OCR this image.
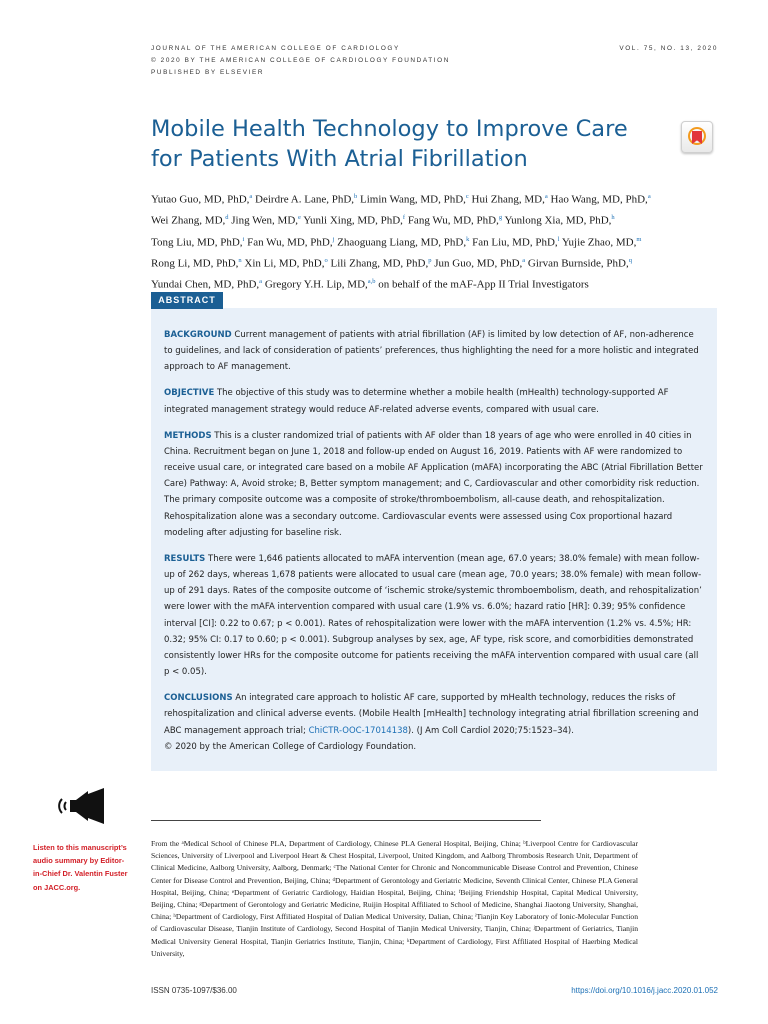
JOURNAL OF THE AMERICAN COLLEGE OF CARDIOLOGY
© 2020 BY THE AMERICAN COLLEGE OF CARDIOLOGY FOUNDATION
PUBLISHED BY ELSEVIER
VOL. 75, NO. 13, 2020
Mobile Health Technology to Improve Care for Patients With Atrial Fibrillation
Yutao Guo, MD, PhD,$^a$ Deirdre A. Lane, PhD,$^b$ Limin Wang, MD, PhD,$^c$ Hui Zhang, MD,$^a$ Hao Wang, MD, PhD,$^a$
Wei Zhang, MD,$^d$ Jing Wen, MD,$^e$ Yunli Xing, MD, PhD,$^f$ Fang Wu, MD, PhD,$^g$ Yunlong Xia, MD, PhD,$^h$
Tong Liu, MD, PhD,$^i$ Fan Wu, MD, PhD,$^j$ Zhaoguang Liang, MD, PhD,$^k$ Fan Liu, MD, PhD,$^l$ Yujie Zhao, MD,$^m$
Rong Li, MD, PhD,$^n$ Xin Li, MD, PhD,$^o$ Lili Zhang, MD, PhD,$^p$ Jun Guo, MD, PhD,$^a$ Girvan Burnside, PhD,$^q$
Yundai Chen, MD, PhD,$^a$ Gregory Y.H. Lip, MD,$^{a,b}$ on behalf of the mAF-App II Trial Investigators
ABSTRACT

BACKGROUND Current management of patients with atrial fibrillation (AF) is limited by low detection of AF, non-adherence to guidelines, and lack of consideration of patients’ preferences, thus highlighting the need for a more holistic and integrated approach to AF management.

OBJECTIVE The objective of this study was to determine whether a mobile health (mHealth) technology-supported AF integrated management strategy would reduce AF-related adverse events, compared with usual care.

METHODS This is a cluster randomized trial of patients with AF older than 18 years of age who were enrolled in 40 cities in China. Recruitment began on June 1, 2018 and follow-up ended on August 16, 2019. Patients with AF were randomized to receive usual care, or integrated care based on a mobile AF Application (mAFA) incorporating the ABC (Atrial Fibrillation Better Care) Pathway: A, Avoid stroke; B, Better symptom management; and C, Cardiovascular and other comorbidity risk reduction. The primary composite outcome was a composite of stroke/thromboembolism, all-cause death, and rehospitalization. Rehospitalization alone was a secondary outcome. Cardiovascular events were assessed using Cox proportional hazard modeling after adjusting for baseline risk.

RESULTS There were 1,646 patients allocated to mAFA intervention (mean age, 67.0 years; 38.0% female) with mean follow-up of 262 days, whereas 1,678 patients were allocated to usual care (mean age, 70.0 years; 38.0% female) with mean follow-up of 291 days. Rates of the composite outcome of ‘ischemic stroke/systemic thromboembolism, death, and rehospitalization’ were lower with the mAFA intervention compared with usual care (1.9% vs. 6.0%; hazard ratio [HR]: 0.39; 95% confidence interval [CI]: 0.22 to 0.67; p < 0.001). Rates of rehospitalization were lower with the mAFA intervention (1.2% vs. 4.5%; HR: 0.32; 95% CI: 0.17 to 0.60; p < 0.001). Subgroup analyses by sex, age, AF type, risk score, and comorbidities demonstrated consistently lower HRs for the composite outcome for patients receiving the mAFA intervention compared with usual care (all p < 0.05).

CONCLUSIONS An integrated care approach to holistic AF care, supported by mHealth technology, reduces the risks of rehospitalization and clinical adverse events. (Mobile Health [mHealth] technology integrating atrial fibrillation screening and ABC management approach trial; ChiCTR-OOC-17014138). (J Am Coll Cardiol 2020;75:1523–34).
© 2020 by the American College of Cardiology Foundation.

Listen to this manuscript’s audio summary by Editor-in-Chief Dr. Valentin Fuster on JACC.org.
From the ᵃMedical School of Chinese PLA, Department of Cardiology, Chinese PLA General Hospital, Beijing, China; ᵇLiverpool Centre for Cardiovascular Sciences, University of Liverpool and Liverpool Heart & Chest Hospital, Liverpool, United Kingdom, and Aalborg Thrombosis Research Unit, Department of Clinical Medicine, Aalborg University, Aalborg, Denmark; ᶜThe National Center for Chronic and Noncommunicable Disease Control and Prevention, Chinese Center for Disease Control and Prevention, Beijing, China; ᵈDepartment of Gerontology and Geriatric Medicine, Seventh Clinical Center, Chinese PLA General Hospital, Beijing, China; ᵉDepartment of Geriatric Cardiology, Haidian Hospital, Beijing, China; ᶠBeijing Friendship Hospital, Capital Medical University, Beijing, China; ᵍDepartment of Gerontology and Geriatric Medicine, Ruijin Hospital Affiliated to School of Medicine, Shanghai Jiaotong University, Shanghai, China; ʰDepartment of Cardiology, First Affiliated Hospital of Dalian Medical University, Dalian, China; ⁱTianjin Key Laboratory of Ionic-Molecular Function of Cardiovascular Disease, Tianjin Institute of Cardiology, Second Hospital of Tianjin Medical University, Tianjin, China; ʲDepartment of Geriatrics, Tianjin Medical University General Hospital, Tianjin Geriatrics Institute, Tianjin, China; ᵏDepartment of Cardiology, First Affiliated Hospital of Haerbing Medical University,
ISSN 0735-1097/$36.00	https://doi.org/10.1016/j.jacc.2020.01.052
